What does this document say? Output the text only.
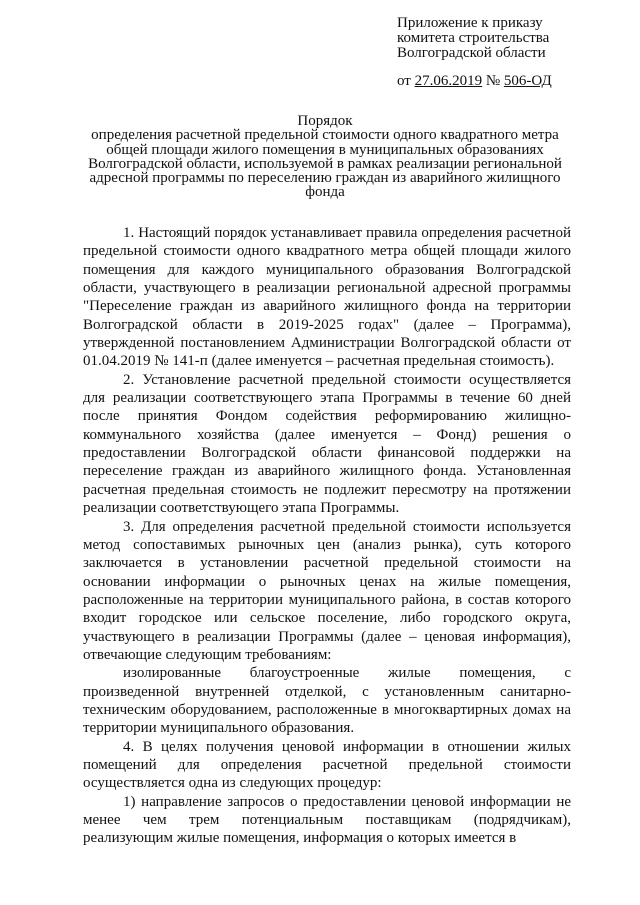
Приложение к приказу
комитета строительства
Волгоградской области
от 27.06.2019 № 506-ОД
Порядок
определения расчетной предельной стоимости одного квадратного метра
общей площади жилого помещения в муниципальных образованиях
Волгоградской области, используемой в рамках реализации региональной
адресной программы по переселению граждан из аварийного жилищного
фонда

1. Настоящий порядок устанавливает правила определения расчетной предельной стоимости одного квадратного метра общей площади жилого помещения для каждого муниципального образования Волгоградской области, участвующего в реализации региональной адресной программы "Переселение граждан из аварийного жилищного фонда на территории Волгоградской области в 2019-2025 годах" (далее – Программа), утвержденной постановлением Администрации Волгоградской области от 01.04.2019 № 141-п (далее именуется – расчетная предельная стоимость).

2. Установление расчетной предельной стоимости осуществляется для реализации соответствующего этапа Программы в течение 60 дней после принятия Фондом содействия реформированию жилищно-коммунального хозяйства (далее именуется – Фонд) решения о предоставлении Волгоградской области финансовой поддержки на переселение граждан из аварийного жилищного фонда. Установленная расчетная предельная стоимость не подлежит пересмотру на протяжении реализации соответствующего этапа Программы.

3. Для определения расчетной предельной стоимости используется метод сопоставимых рыночных цен (анализ рынка), суть которого заключается в установлении расчетной предельной стоимости на основании информации о рыночных ценах на жилые помещения, расположенные на территории муниципального района, в состав которого входит городское или сельское поселение, либо городского округа, участвующего в реализации Программы (далее – ценовая информация), отвечающие следующим требованиям:

изолированные благоустроенные жилые помещения, с произведенной внутренней отделкой, с установленным санитарно-техническим оборудованием, расположенные в многоквартирных домах на территории муниципального образования.

4. В целях получения ценовой информации в отношении жилых помещений для определения расчетной предельной стоимости осуществляется одна из следующих процедур:

1) направление запросов о предоставлении ценовой информации не менее чем трем потенциальным поставщикам (подрядчикам), реализующим жилые помещения, информация о которых имеется в
